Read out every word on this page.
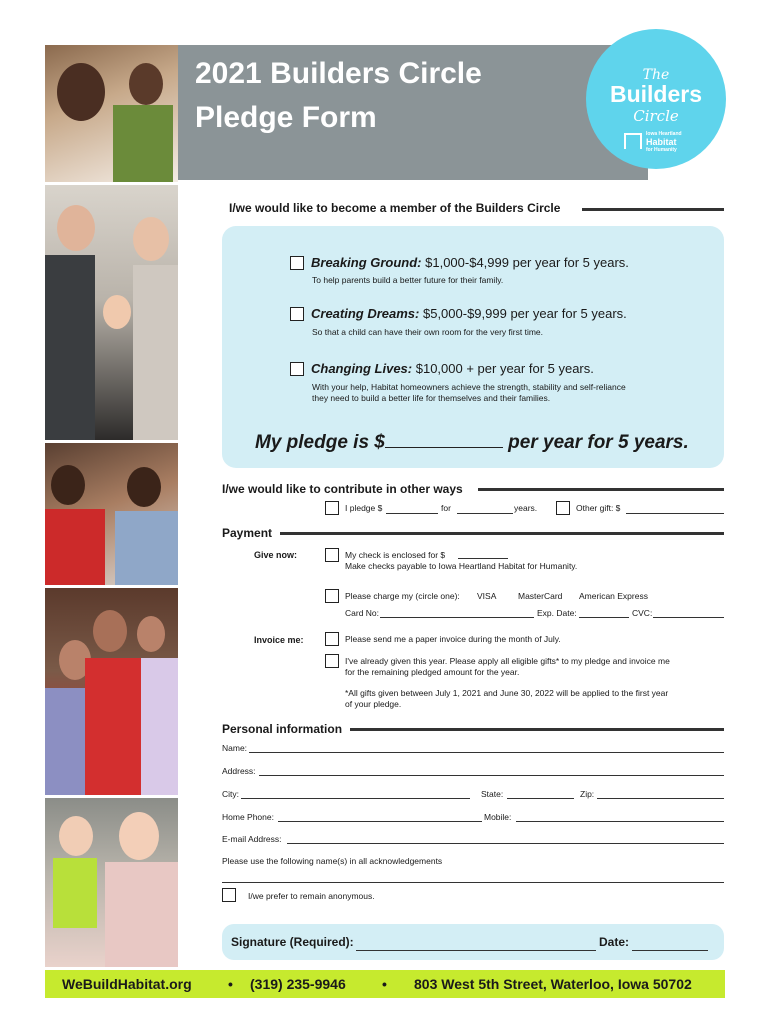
2021 Builders Circle
Pledge Form
The
Builders
Circle
Iowa Heartland
Habitat
for Humanity
I/we would like to become a member of the Builders Circle
Breaking Ground: $1,000-$4,999 per year for 5 years.
To help parents build a better future for their family.
Creating Dreams: $5,000-$9,999 per year for 5 years.
So that a child can have their own room for the very first time.
Changing Lives: $10,000 + per year for 5 years.
With your help, Habitat homeowners achieve the strength, stability and self-reliance
they need to build a better life for themselves and their families.
My pledge is $	per year for 5 years.
I/we would like to contribute in other ways
I pledge $	for	years.	Other gift: $
Payment
Give now:	My check is enclosed for $
Make checks payable to Iowa Heartland Habitat for Humanity.
Please charge my (circle one): VISA	MasterCard American Express
Card No:	Exp. Date:	CVC:
Invoice me:	Please send me a paper invoice during the month of July.
I've already given this year. Please apply all eligible gifts* to my pledge and invoice me
for the remaining pledged amount for the year.
*All gifts given between July 1, 2021 and June 30, 2022 will be applied to the first year
of your pledge.
Personal information
Name:
Address:
City:	State:	Zip:
Home Phone:	Mobile:
E-mail Address:
Please use the following name(s) in all acknowledgements
I/we prefer to remain anonymous.
Signature (Required):	Date:
WeBuildHabitat.org	• (319) 235-9946	• 803 West 5th Street, Waterloo, Iowa 50702
